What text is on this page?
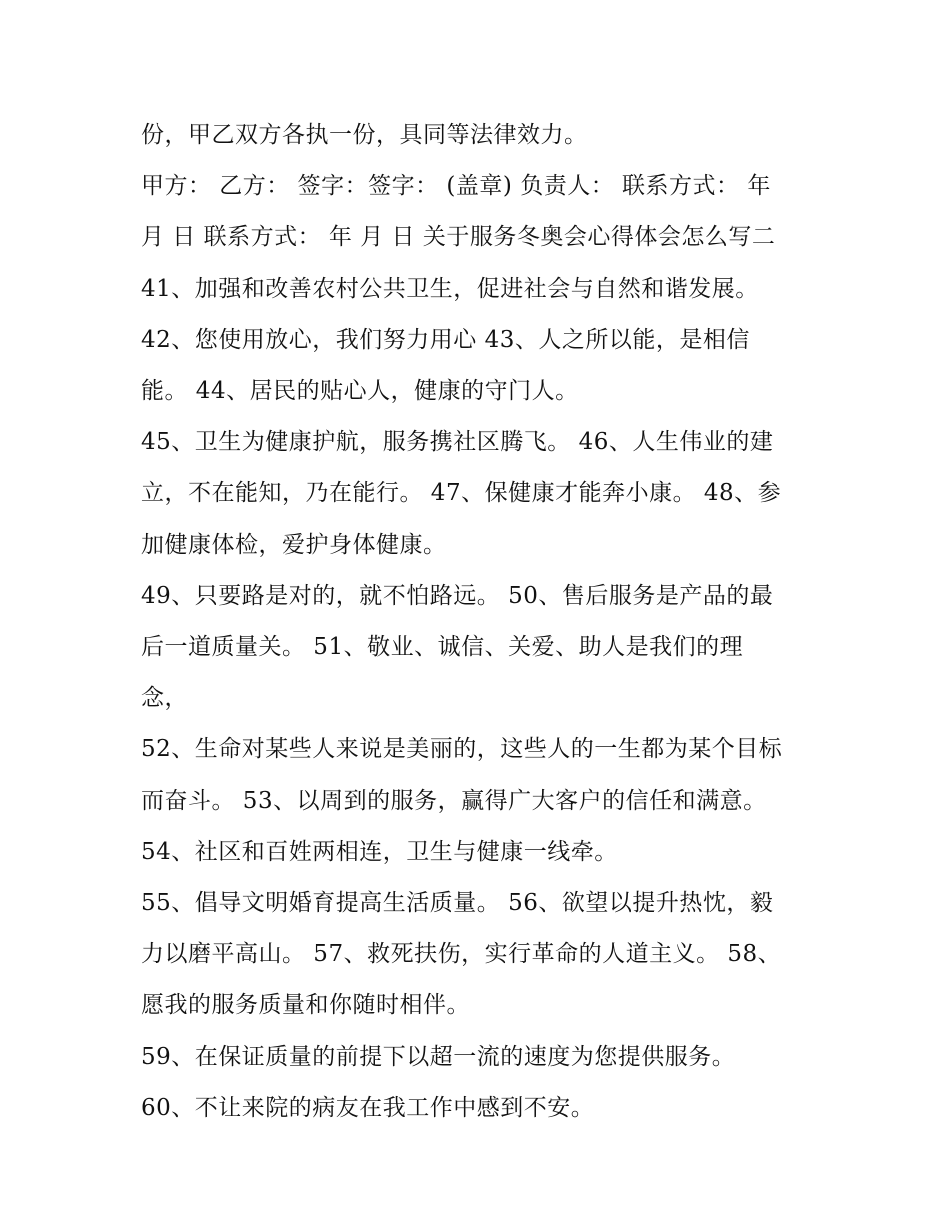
份，甲乙双方各执一份，具同等法律效力。
甲方： 乙方： 签字：签字： (盖章) 负责人： 联系方式： 年
月 日 联系方式： 年 月 日 关于服务冬奥会心得体会怎么写二
41、加强和改善农村公共卫生，促进社会与自然和谐发展。
42、您使用放心，我们努力用心 43、人之所以能，是相信
能。 44、居民的贴心人，健康的守门人。
45、卫生为健康护航，服务携社区腾飞。 46、人生伟业的建
立，不在能知，乃在能行。 47、保健康才能奔小康。 48、参
加健康体检，爱护身体健康。
49、只要路是对的，就不怕路远。 50、售后服务是产品的最
后一道质量关。 51、敬业、诚信、关爱、助人是我们的理
念，
52、生命对某些人来说是美丽的，这些人的一生都为某个目标
而奋斗。 53、以周到的服务，赢得广大客户的信任和满意。
54、社区和百姓两相连，卫生与健康一线牵。
55、倡导文明婚育提高生活质量。 56、欲望以提升热忱，毅
力以磨平高山。 57、救死扶伤，实行革命的人道主义。 58、
愿我的服务质量和你随时相伴。
59、在保证质量的前提下以超一流的速度为您提供服务。
60、不让来院的病友在我工作中感到不安。
